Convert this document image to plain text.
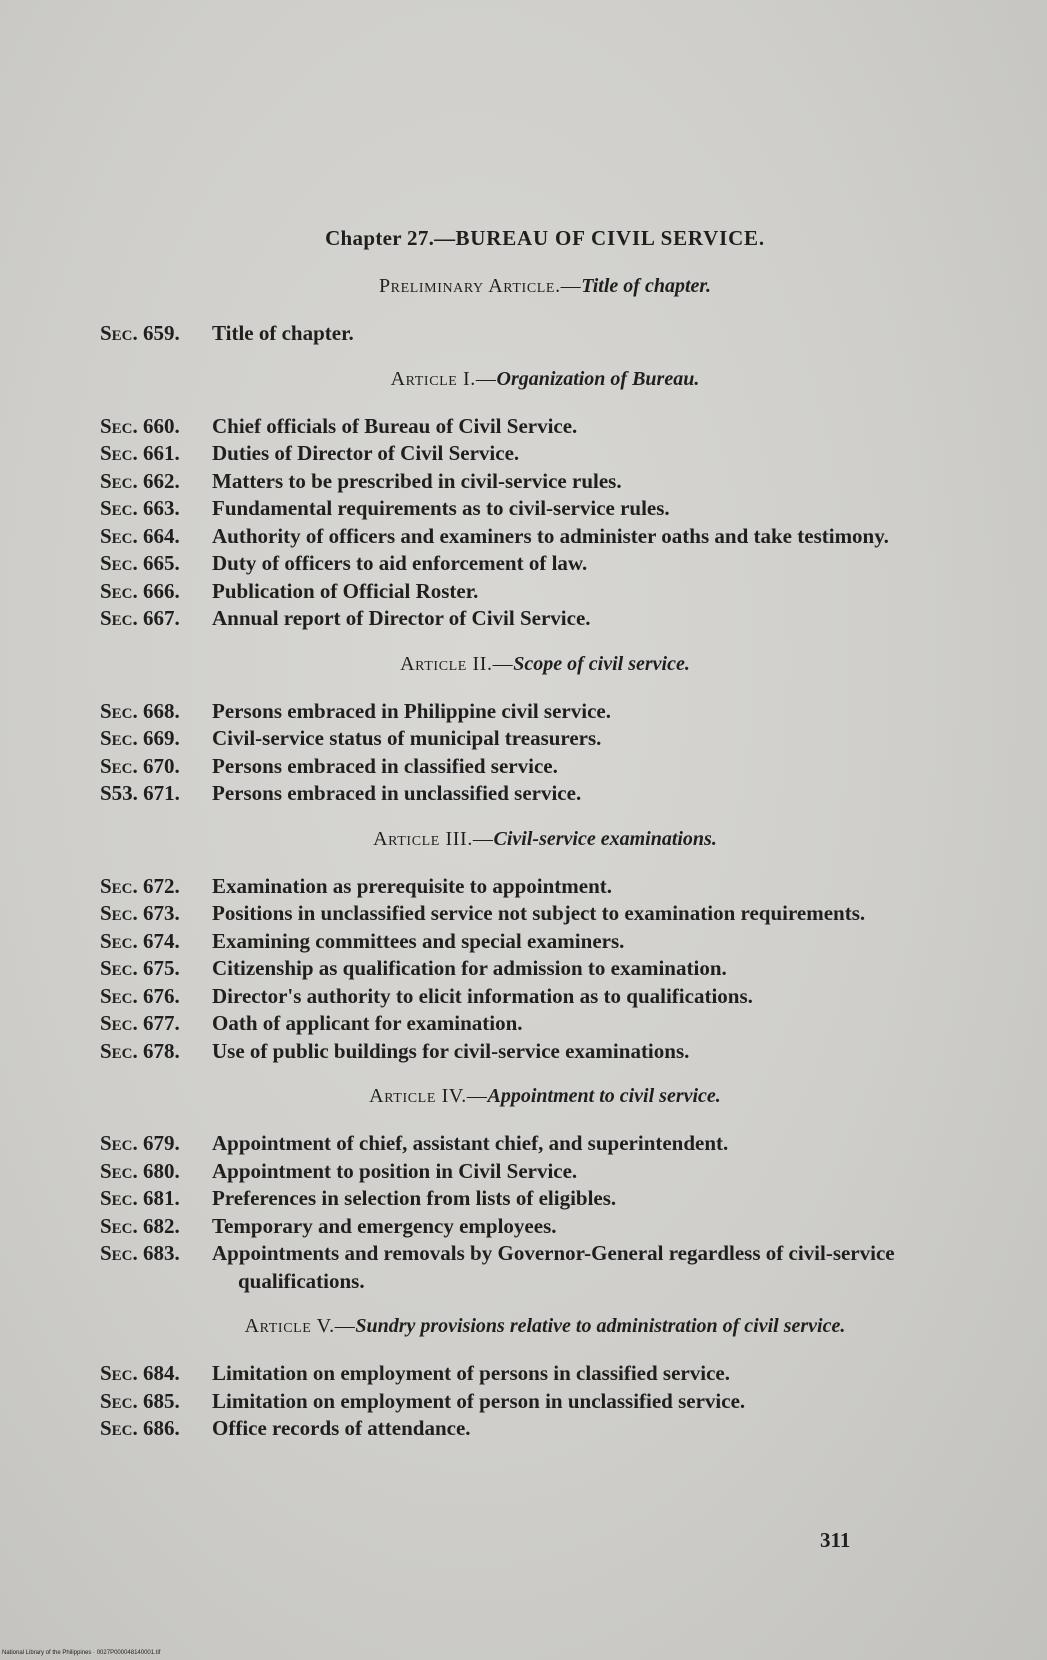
Chapter 27.—BUREAU OF CIVIL SERVICE.
Preliminary Article.—Title of chapter.
Sec. 659.	Title of chapter.
Article I.—Organization of Bureau.
Sec. 660.	Chief officials of Bureau of Civil Service.
Sec. 661.	Duties of Director of Civil Service.
Sec. 662.	Matters to be prescribed in civil-service rules.
Sec. 663.	Fundamental requirements as to civil-service rules.
Sec. 664.	Authority of officers and examiners to administer oaths and take testimony.
Sec. 665.	Duty of officers to aid enforcement of law.
Sec. 666.	Publication of Official Roster.
Sec. 667.	Annual report of Director of Civil Service.
Article II.—Scope of civil service.
Sec. 668.	Persons embraced in Philippine civil service.
Sec. 669.	Civil-service status of municipal treasurers.
Sec. 670.	Persons embraced in classified service.
S53. 671.	Persons embraced in unclassified service.
Article III.—Civil-service examinations.
Sec. 672.	Examination as prerequisite to appointment.
Sec. 673.	Positions in unclassified service not subject to examination requirements.
Sec. 674.	Examining committees and special examiners.
Sec. 675.	Citizenship as qualification for admission to examination.
Sec. 676.	Director's authority to elicit information as to qualifications.
Sec. 677.	Oath of applicant for examination.
Sec. 678.	Use of public buildings for civil-service examinations.
Article IV.—Appointment to civil service.
Sec. 679.	Appointment of chief, assistant chief, and superintendent.
Sec. 680.	Appointment to position in Civil Service.
Sec. 681.	Preferences in selection from lists of eligibles.
Sec. 682.	Temporary and emergency employees.
Sec. 683.	Appointments and removals by Governor-General regardless of civil-service qualifications.
Article V.—Sundry provisions relative to administration of civil service.
Sec. 684.	Limitation on employment of persons in classified service.
Sec. 685.	Limitation on employment of person in unclassified service.
Sec. 686.	Office records of attendance.
311
National Library of the Philippines · 0027P000048140001.tif
